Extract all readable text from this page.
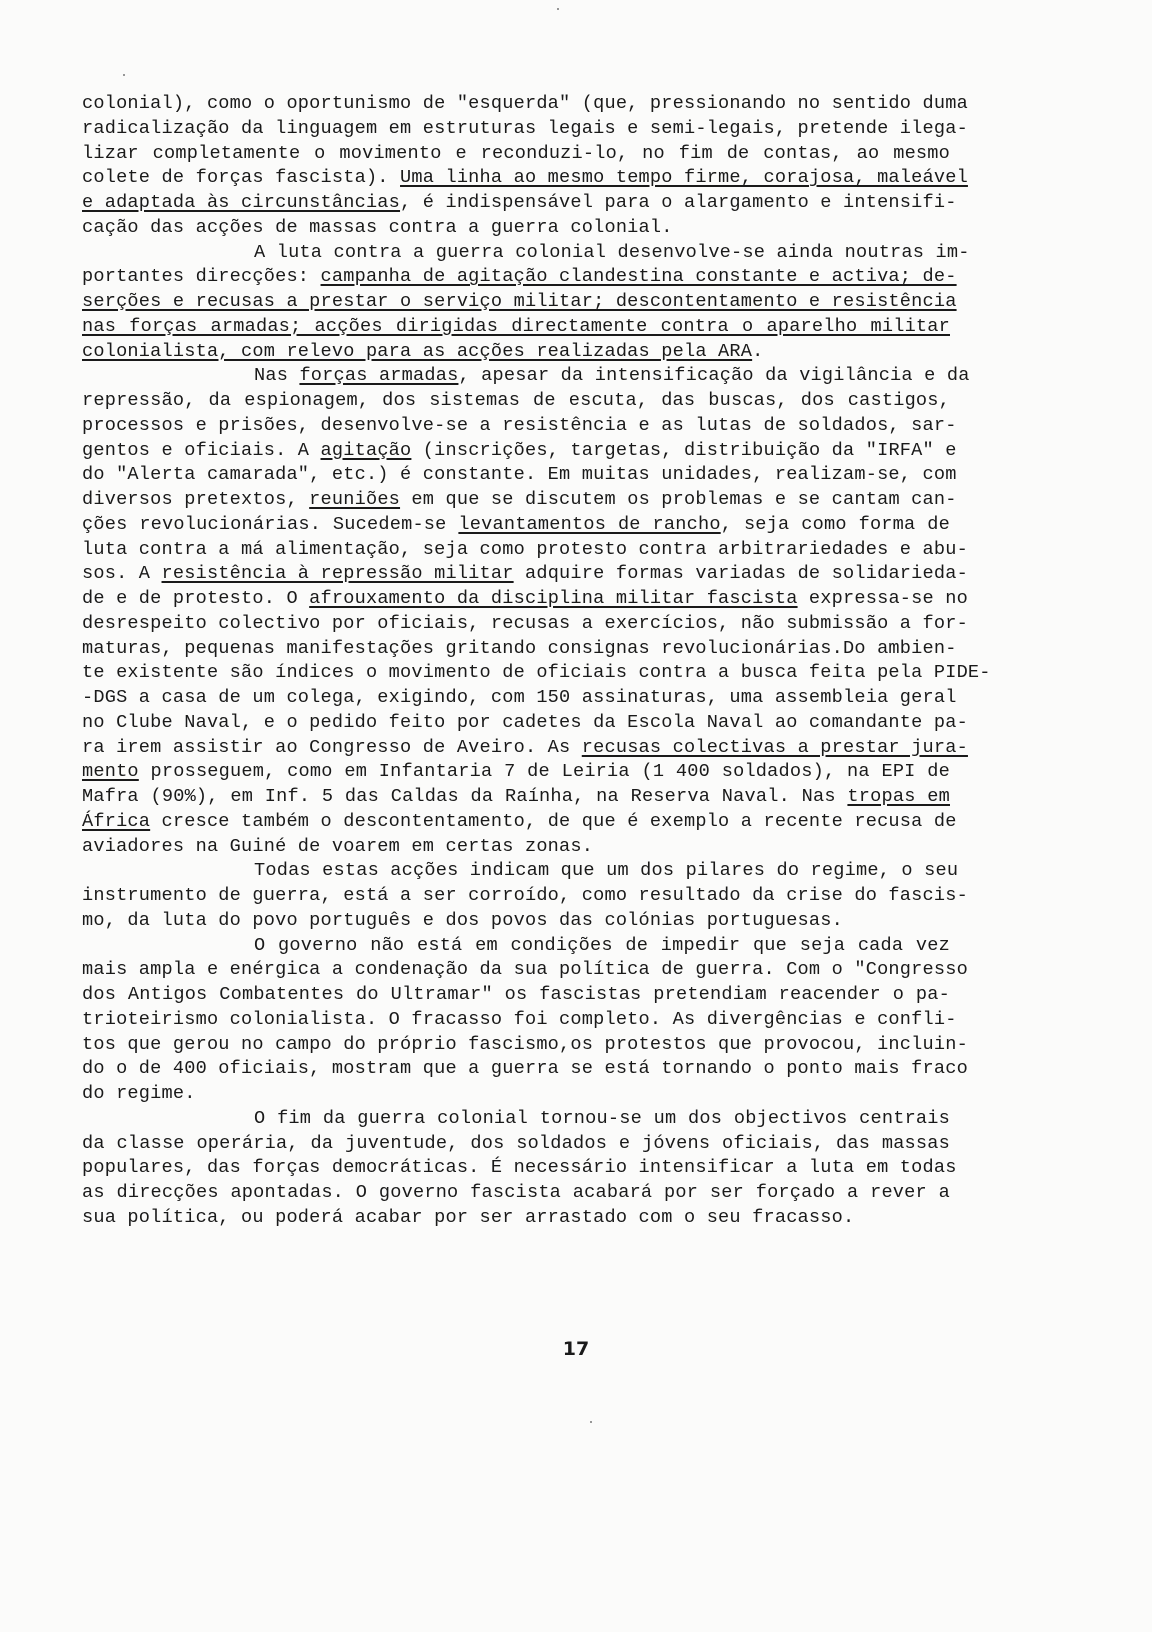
colonial), como o oportunismo de "esquerda" (que, pressionando no sentido duma
radicalização da linguagem em estruturas legais e semi-legais, pretende ilega-
lizar completamente o movimento e reconduzi-lo, no fim de contas, ao mesmo
colete de forças fascista). Uma linha ao mesmo tempo firme, corajosa, maleável
e adaptada às circunstâncias, é indispensável para o alargamento e intensifi-
cação das acções de massas contra a guerra colonial.
A luta contra a guerra colonial desenvolve-se ainda noutras im-
portantes direcções: campanha de agitação clandestina constante e activa; de-
serções e recusas a prestar o serviço militar; descontentamento e resistência
nas forças armadas; acções dirigidas directamente contra o aparelho militar
colonialista, com relevo para as acções realizadas pela ARA.
Nas forças armadas, apesar da intensificação da vigilância e da
repressão, da espionagem, dos sistemas de escuta, das buscas, dos castigos,
processos e prisões, desenvolve-se a resistência e as lutas de soldados, sar-
gentos e oficiais. A agitação (inscrições, targetas, distribuição da "IRFA" e
do "Alerta camarada", etc.) é constante. Em muitas unidades, realizam-se, com
diversos pretextos, reuniões em que se discutem os problemas e se cantam can-
ções revolucionárias. Sucedem-se levantamentos de rancho, seja como forma de
luta contra a má alimentação, seja como protesto contra arbitrariedades e abu-
sos. A resistência à repressão militar adquire formas variadas de solidarieda-
de e de protesto. O afrouxamento da disciplina militar fascista expressa-se no
desrespeito colectivo por oficiais, recusas a exercícios, não submissão a for-
maturas, pequenas manifestações gritando consignas revolucionárias.Do ambien-
te existente são índices o movimento de oficiais contra a busca feita pela PIDE-
-DGS a casa de um colega, exigindo, com 150 assinaturas, uma assembleia geral
no Clube Naval, e o pedido feito por cadetes da Escola Naval ao comandante pa-
ra irem assistir ao Congresso de Aveiro. As recusas colectivas a prestar jura-
mento prosseguem, como em Infantaria 7 de Leiria (1 400 soldados), na EPI de
Mafra (90%), em Inf. 5 das Caldas da Raínha, na Reserva Naval. Nas tropas em
África cresce também o descontentamento, de que é exemplo a recente recusa de
aviadores na Guiné de voarem em certas zonas.
Todas estas acções indicam que um dos pilares do regime, o seu
instrumento de guerra, está a ser corroído, como resultado da crise do fascis-
mo, da luta do povo português e dos povos das colónias portuguesas.
O governo não está em condições de impedir que seja cada vez
mais ampla e enérgica a condenação da sua política de guerra. Com o "Congresso
dos Antigos Combatentes do Ultramar" os fascistas pretendiam reacender o pa-
trioteirismo colonialista. O fracasso foi completo. As divergências e confli-
tos que gerou no campo do próprio fascismo,os protestos que provocou, incluin-
do o de 400 oficiais, mostram que a guerra se está tornando o ponto mais fraco
do regime.
O fim da guerra colonial tornou-se um dos objectivos centrais
da classe operária, da juventude, dos soldados e jóvens oficiais, das massas
populares, das forças democráticas. É necessário intensificar a luta em todas
as direcções apontadas. O governo fascista acabará por ser forçado a rever a
sua política, ou poderá acabar por ser arrastado com o seu fracasso.
17
